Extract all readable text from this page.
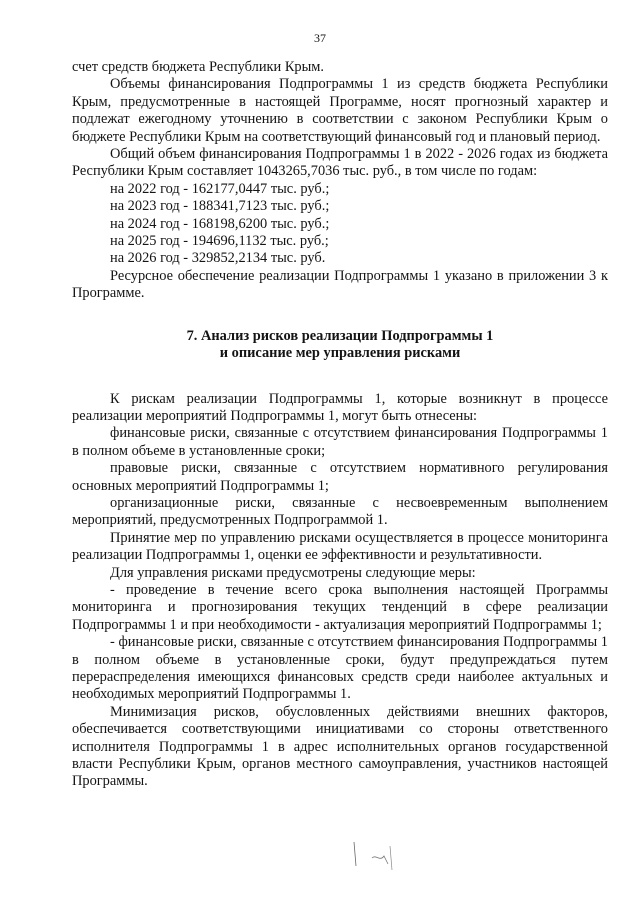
37

счет средств бюджета Республики Крым.

Объемы финансирования Подпрограммы 1 из средств бюджета Республики Крым, предусмотренные в настоящей Программе, носят прогнозный характер и подлежат ежегодному уточнению в соответствии с законом Республики Крым о бюджете Республики Крым на соответствующий финансовый год и плановый период.

Общий объем финансирования Подпрограммы 1 в 2022 - 2026 годах из бюджета Республики Крым составляет 1043265,7036 тыс. руб., в том числе по годам:

на 2022 год - 162177,0447 тыс. руб.;

на 2023 год - 188341,7123 тыс. руб.;

на 2024 год - 168198,6200 тыс. руб.;

на 2025 год - 194696,1132 тыс. руб.;

на 2026 год - 329852,2134 тыс. руб.

Ресурсное обеспечение реализации Подпрограммы 1 указано в приложении 3 к Программе.

7. Анализ рисков реализации Подпрограммы 1

и описание мер управления рисками

К рискам реализации Подпрограммы 1, которые возникнут в процессе реализации мероприятий Подпрограммы 1, могут быть отнесены:

финансовые риски, связанные с отсутствием финансирования Подпрограммы 1 в полном объеме в установленные сроки;

правовые риски, связанные с отсутствием нормативного регулирования основных мероприятий Подпрограммы 1;

организационные риски, связанные с несвоевременным выполнением мероприятий, предусмотренных Подпрограммой 1.

Принятие мер по управлению рисками осуществляется в процессе мониторинга реализации Подпрограммы 1, оценки ее эффективности и результативности.

Для управления рисками предусмотрены следующие меры:

- проведение в течение всего срока выполнения настоящей Программы мониторинга и прогнозирования текущих тенденций в сфере реализации Подпрограммы 1 и при необходимости - актуализация мероприятий Подпрограммы 1;

- финансовые риски, связанные с отсутствием финансирования Подпрограммы 1 в полном объеме в установленные сроки, будут предупреждаться путем перераспределения имеющихся финансовых средств среди наиболее актуальных и необходимых мероприятий Подпрограммы 1.

Минимизация рисков, обусловленных действиями внешних факторов, обеспечивается соответствующими инициативами со стороны ответственного исполнителя Подпрограммы 1 в адрес исполнительных органов государственной власти Республики Крым, органов местного самоуправления, участников настоящей Программы.
